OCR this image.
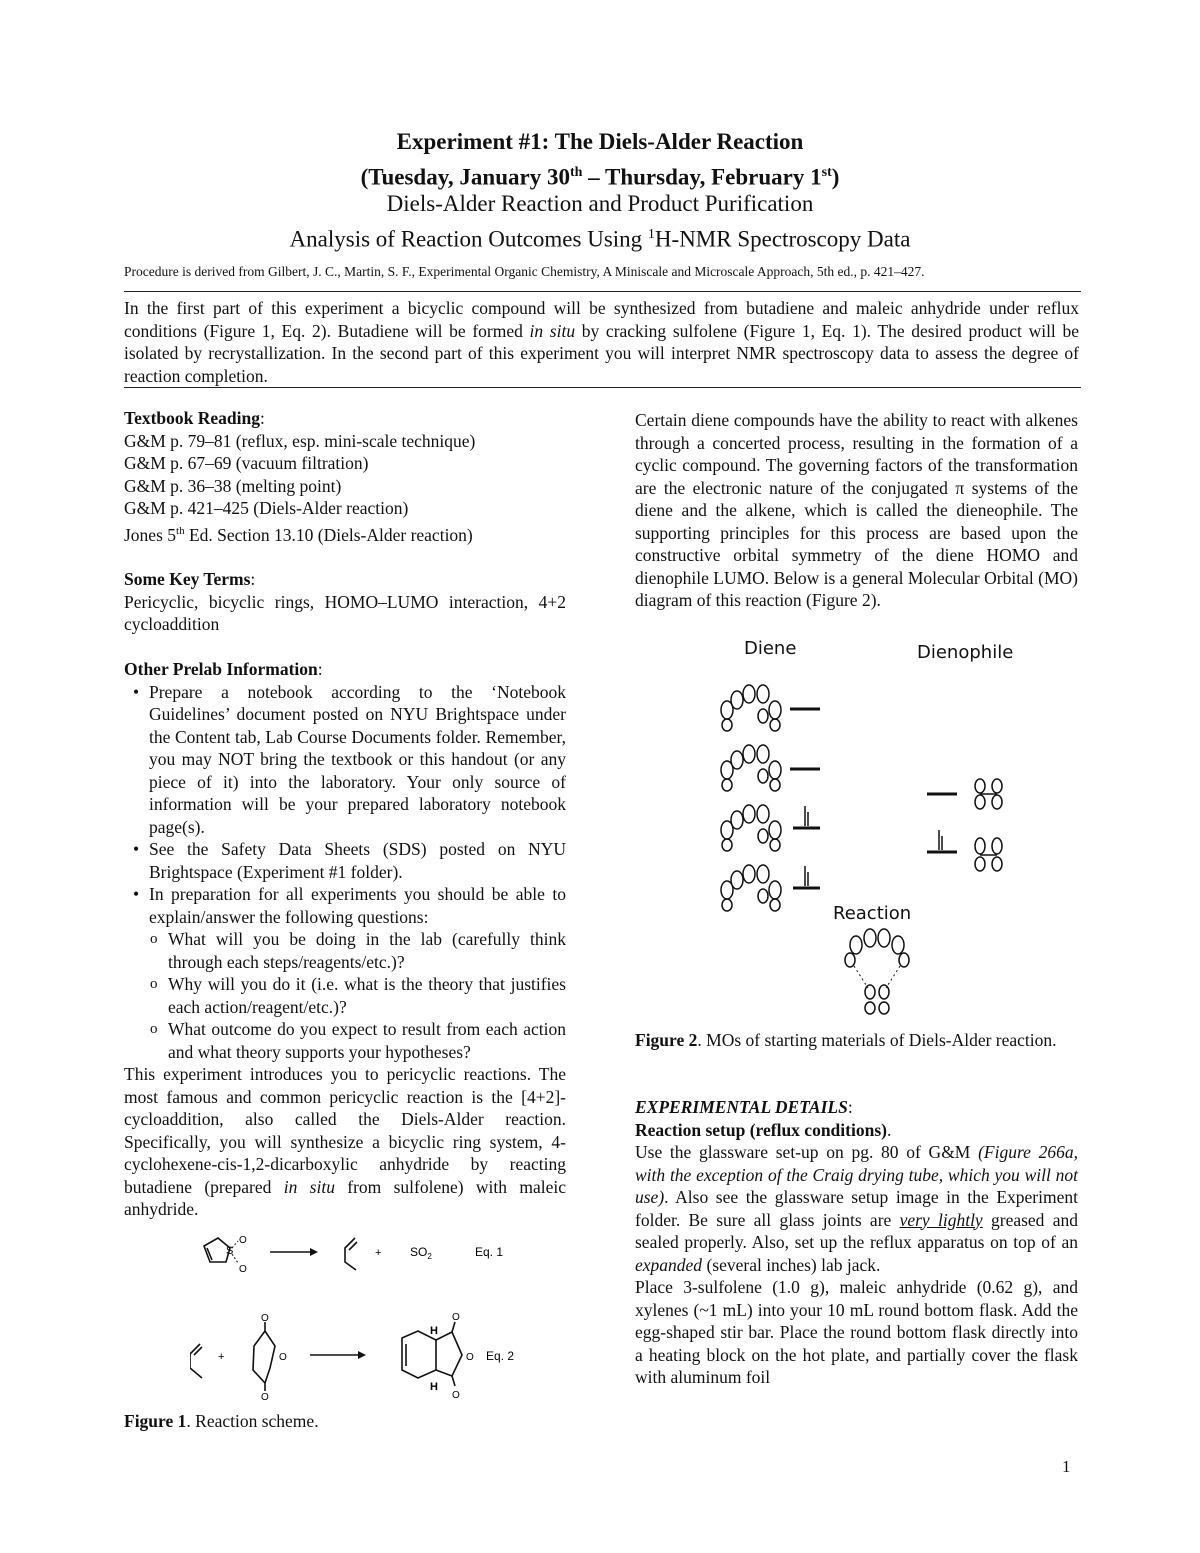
Experiment #1: The Diels-Alder Reaction
(Tuesday, January 30th – Thursday, February 1st)
Diels-Alder Reaction and Product Purification
Analysis of Reaction Outcomes Using $^1$H-NMR Spectroscopy Data
Procedure is derived from Gilbert, J. C., Martin, S. F., Experimental Organic Chemistry, A Miniscale and Microscale Approach, 5th ed., p. 421–427.
In the first part of this experiment a bicyclic compound will be synthesized from butadiene and maleic anhydride under reflux conditions (Figure 1, Eq. 2). Butadiene will be formed in situ by cracking sulfolene (Figure 1, Eq. 1). The desired product will be isolated by recrystallization. In the second part of this experiment you will interpret NMR spectroscopy data to assess the degree of reaction completion.

Textbook Reading:

G&M p. 79–81 (reflux, esp. mini-scale technique)

G&M p. 67–69 (vacuum filtration)

G&M p. 36–38 (melting point)

G&M p. 421–425 (Diels-Alder reaction)

Jones 5th Ed. Section 13.10 (Diels-Alder reaction)

Some Key Terms:

Pericyclic, bicyclic rings, HOMO–LUMO interaction, 4+2 cycloaddition

Other Prelab Information:

• Prepare a notebook according to the ‘Notebook Guidelines’ document posted on NYU Brightspace under the Content tab, Lab Course Documents folder. Remember, you may NOT bring the textbook or this handout (or any piece of it) into the laboratory. Your only source of information will be your prepared laboratory notebook page(s).
• See the Safety Data Sheets (SDS) posted on NYU Brightspace (Experiment #1 folder).
• In preparation for all experiments you should be able to explain/answer the following questions:
o What will you be doing in the lab (carefully think through each steps/reagents/etc.)?
o Why will you do it (i.e. what is the theory that justifies each action/reagent/etc.)?
o What outcome do you expect to result from each action and what theory supports your hypotheses?

This experiment introduces you to pericyclic reactions. The most famous and common pericyclic reaction is the [4+2]-cycloaddition, also called the Diels-Alder reaction. Specifically, you will synthesize a bicyclic ring system, 4-cyclohexene-cis-1,2-dicarboxylic anhydride by reacting butadiene (prepared in situ from sulfolene) with maleic anhydride.

S
O
O
+ $SO_2$	Eq. 1
+
O
O
O
H
H
O
O
O Eq. 2
Figure 1. Reaction scheme.

Certain diene compounds have the ability to react with alkenes through a concerted process, resulting in the formation of a cyclic compound. The governing factors of the transformation are the electronic nature of the conjugated π systems of the diene and the alkene, which is called the dieneophile. The supporting principles for this process are based upon the constructive orbital symmetry of the diene HOMO and dienophile LUMO. Below is a general Molecular Orbital (MO) diagram of this reaction (Figure 2).

Diene	Dienophile
Reaction
Figure 2. MOs of starting materials of Diels-Alder reaction.

EXPERIMENTAL DETAILS:

Reaction setup (reflux conditions).

Use the glassware set-up on pg. 80 of G&M (Figure 266a, with the exception of the Craig drying tube, which you will not use). Also see the glassware setup image in the Experiment folder. Be sure all glass joints are very lightly greased and sealed properly. Also, set up the reflux apparatus on top of an expanded (several inches) lab jack.

Place 3-sulfolene (1.0 g), maleic anhydride (0.62 g), and xylenes (~1 mL) into your 10 mL round bottom flask. Add the egg-shaped stir bar. Place the round bottom flask directly into a heating block on the hot plate, and partially cover the flask with aluminum foil

1
